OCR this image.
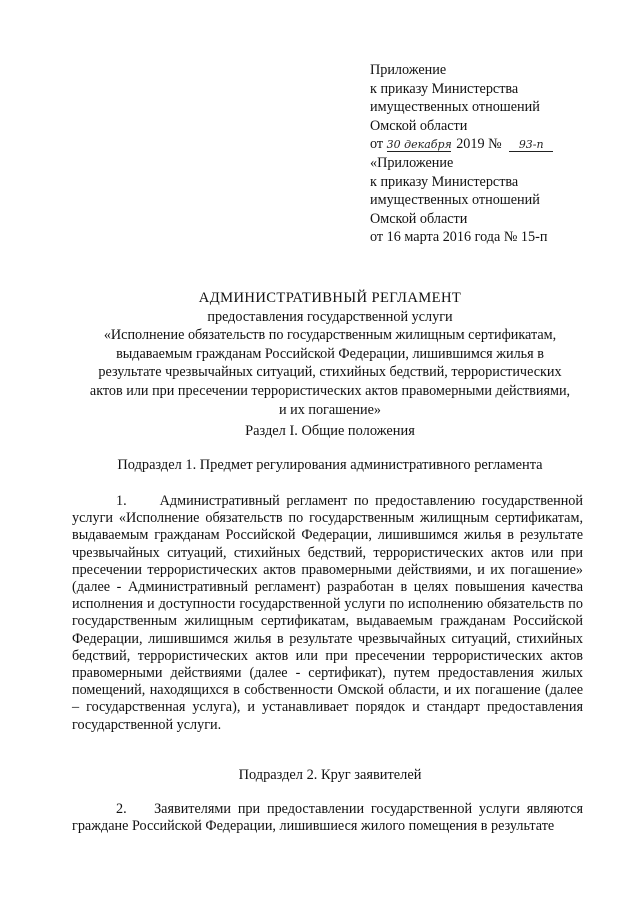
Приложение
к приказу Министерства
имущественных отношений
Омской области
от 30 декабря 2019 № 93-п
«Приложение
к приказу Министерства
имущественных отношений
Омской области
от 16 марта 2016 года № 15-п
АДМИНИСТРАТИВНЫЙ РЕГЛАМЕНТ
предоставления государственной услуги
«Исполнение обязательств по государственным жилищным сертификатам,
выдаваемым гражданам Российской Федерации, лишившимся жилья в
результате чрезвычайных ситуаций, стихийных бедствий, террористических
актов или при пресечении террористических актов правомерными действиями,
и их погашение»
Раздел I. Общие положения
Подраздел 1. Предмет регулирования административного регламента
1. Административный регламент по предоставлению государственной услуги «Исполнение обязательств по государственным жилищным сертификатам, выдаваемым гражданам Российской Федерации, лишившимся жилья в результате чрезвычайных ситуаций, стихийных бедствий, террористических актов или при пресечении террористических актов правомерными действиями, и их погашение» (далее - Административный регламент) разработан в целях повышения качества исполнения и доступности государственной услуги по исполнению обязательств по государственным жилищным сертификатам, выдаваемым гражданам Российской Федерации, лишившимся жилья в результате чрезвычайных ситуаций, стихийных бедствий, террористических актов или при пресечении террористических актов правомерными действиями (далее - сертификат), путем предоставления жилых помещений, находящихся в собственности Омской области, и их погашение (далее – государственная услуга), и устанавливает порядок и стандарт предоставления государственной услуги.
Подраздел 2. Круг заявителей
2. Заявителями при предоставлении государственной услуги являются граждане Российской Федерации, лишившиеся жилого помещения в результате
